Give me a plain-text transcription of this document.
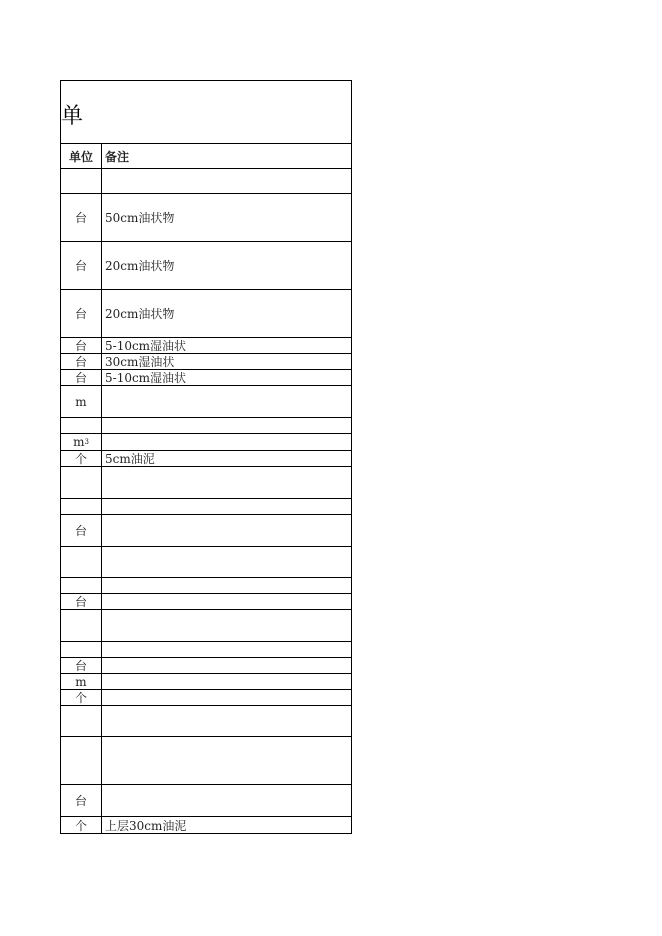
单
单位	备注
台 50cm油状物
台 20cm油状物
台 20cm油状物
台 5-10cm湿油状
台 30cm湿油状
台 5-10cm湿油状
m
m 3
个 5cm油泥
台
台
台
m
个
台
个 上层30cm油泥
